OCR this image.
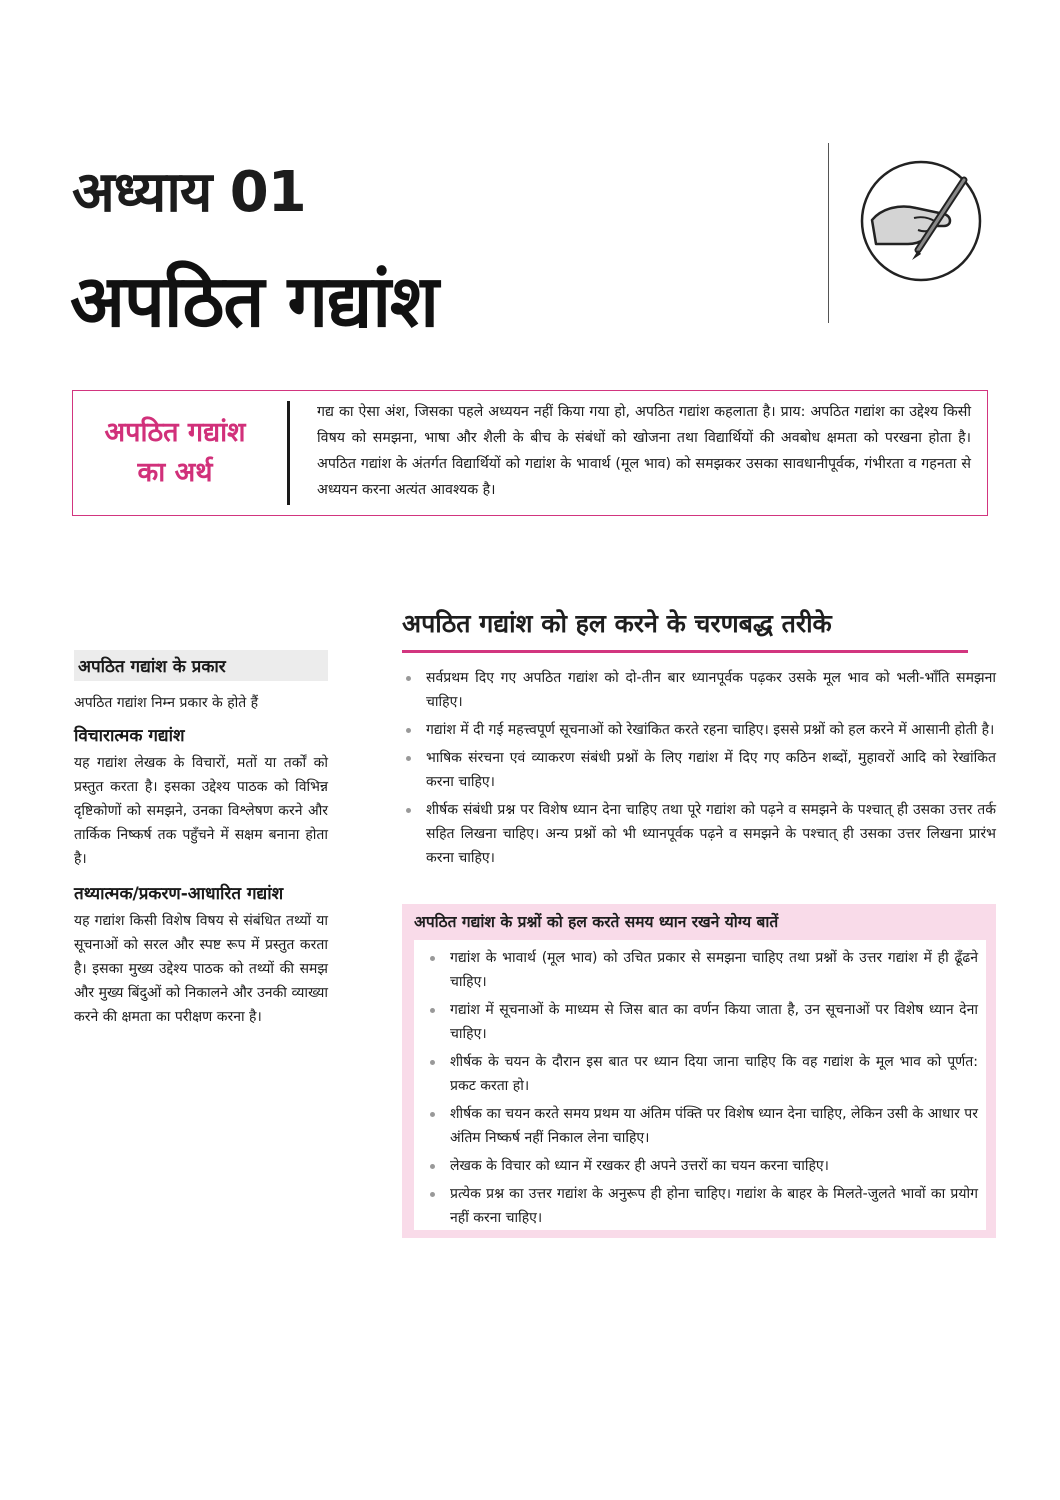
अध्याय 01
अपठित गद्यांश
अपठित गद्यांश
का अर्थ
गद्य का ऐसा अंश, जिसका पहले अध्ययन नहीं किया गया हो, अपठित गद्यांश कहलाता है। प्राय: अपठित गद्यांश का उद्देश्य किसी विषय को समझना, भाषा और शैली के बीच के संबंधों को खोजना तथा विद्यार्थियों की अवबोध क्षमता को परखना होता है। अपठित गद्यांश के अंतर्गत विद्यार्थियों को गद्यांश के भावार्थ (मूल भाव) को समझकर उसका सावधानीपूर्वक, गंभीरता व गहनता से अध्ययन करना अत्यंत आवश्यक है।
अपठित गद्यांश के प्रकार
अपठित गद्यांश निम्न प्रकार के होते हैं
विचारात्मक गद्यांश
यह गद्यांश लेखक के विचारों, मतों या तर्कों को प्रस्तुत करता है। इसका उद्देश्य पाठक को विभिन्न दृष्टिकोणों को समझने, उनका विश्लेषण करने और तार्किक निष्कर्ष तक पहुँचने में सक्षम बनाना होता है।
तथ्यात्मक/प्रकरण-आधारित गद्यांश
यह गद्यांश किसी विशेष विषय से संबंधित तथ्यों या सूचनाओं को सरल और स्पष्ट रूप में प्रस्तुत करता है। इसका मुख्य उद्देश्य पाठक को तथ्यों की समझ और मुख्य बिंदुओं को निकालने और उनकी व्याख्या करने की क्षमता का परीक्षण करना है।
अपठित गद्यांश को हल करने के चरणबद्ध तरीके
सर्वप्रथम दिए गए अपठित गद्यांश को दो-तीन बार ध्यानपूर्वक पढ़कर उसके मूल भाव को भली-भाँति समझना चाहिए।
गद्यांश में दी गई महत्त्वपूर्ण सूचनाओं को रेखांकित करते रहना चाहिए। इससे प्रश्नों को हल करने में आसानी होती है।
भाषिक संरचना एवं व्याकरण संबंधी प्रश्नों के लिए गद्यांश में दिए गए कठिन शब्दों, मुहावरों आदि को रेखांकित करना चाहिए।
शीर्षक संबंधी प्रश्न पर विशेष ध्यान देना चाहिए तथा पूरे गद्यांश को पढ़ने व समझने के पश्चात् ही उसका उत्तर तर्क सहित लिखना चाहिए। अन्य प्रश्नों को भी ध्यानपूर्वक पढ़ने व समझने के पश्चात् ही उसका उत्तर लिखना प्रारंभ करना चाहिए।
अपठित गद्यांश के प्रश्नों को हल करते समय ध्यान रखने योग्य बातें
गद्यांश के भावार्थ (मूल भाव) को उचित प्रकार से समझना चाहिए तथा प्रश्नों के उत्तर गद्यांश में ही ढूँढने चाहिए।
गद्यांश में सूचनाओं के माध्यम से जिस बात का वर्णन किया जाता है, उन सूचनाओं पर विशेष ध्यान देना चाहिए।
शीर्षक के चयन के दौरान इस बात पर ध्यान दिया जाना चाहिए कि वह गद्यांश के मूल भाव को पूर्णत: प्रकट करता हो।
शीर्षक का चयन करते समय प्रथम या अंतिम पंक्ति पर विशेष ध्यान देना चाहिए, लेकिन उसी के आधार पर अंतिम निष्कर्ष नहीं निकाल लेना चाहिए।
लेखक के विचार को ध्यान में रखकर ही अपने उत्तरों का चयन करना चाहिए।
प्रत्येक प्रश्न का उत्तर गद्यांश के अनुरूप ही होना चाहिए। गद्यांश के बाहर के मिलते-जुलते भावों का प्रयोग नहीं करना चाहिए।
